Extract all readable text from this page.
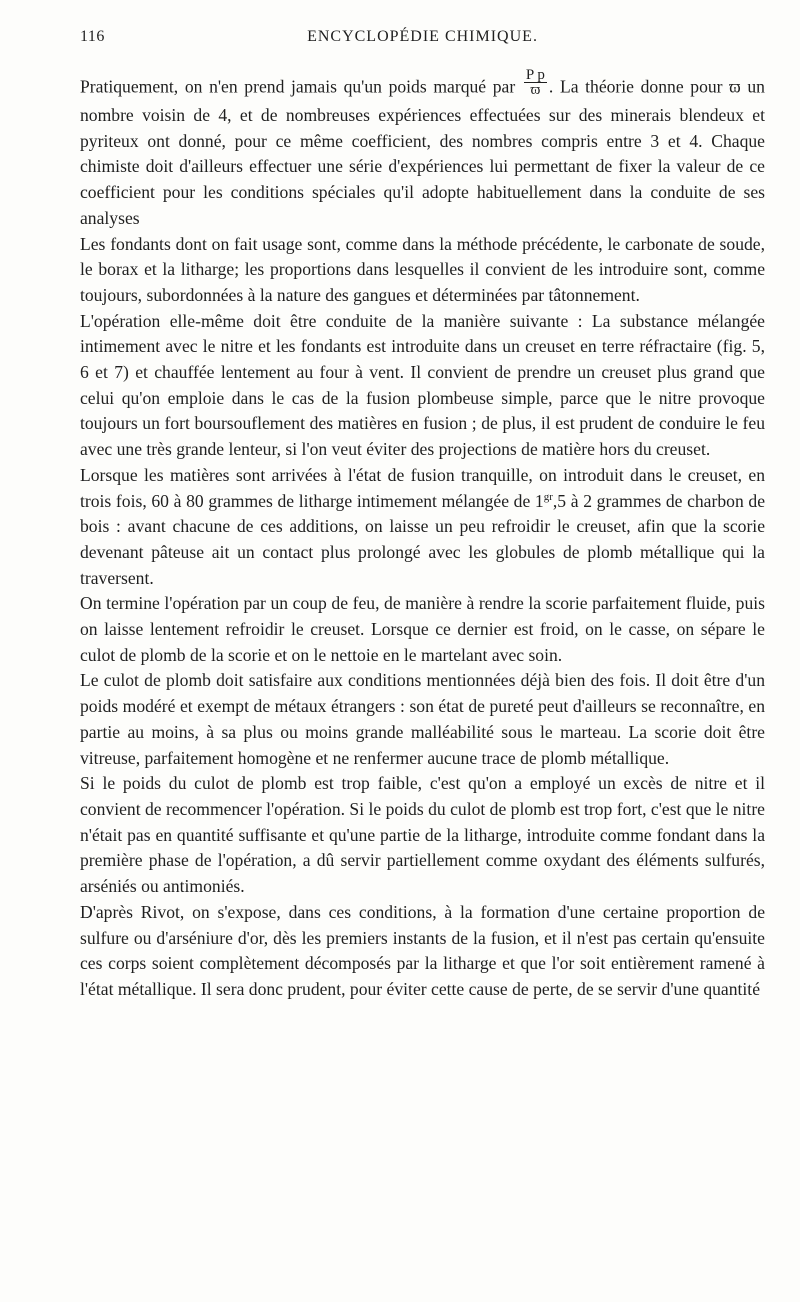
116	ENCYCLOPÉDIE CHIMIQUE.

Pratiquement, on n'en prend jamais qu'un poids marqué par $\frac{\text{P p}}{ϖ}$ . La théorie donne pour ϖ un nombre voisin de 4, et de nombreuses expériences effectuées sur des minerais blendeux et pyriteux ont donné, pour ce même coefficient, des nombres compris entre 3 et 4. Chaque chimiste doit d'ailleurs effectuer une série d'expériences lui permettant de fixer la valeur de ce coefficient pour les conditions spéciales qu'il adopte habituellement dans la conduite de ses analyses

Les fondants dont on fait usage sont, comme dans la méthode précédente, le carbonate de soude, le borax et la litharge; les proportions dans lesquelles il convient de les introduire sont, comme toujours, subordonnées à la nature des gangues et déterminées par tâtonnement.

L'opération elle-même doit être conduite de la manière suivante : La substance mélangée intimement avec le nitre et les fondants est introduite dans un creuset en terre réfractaire (fig. 5, 6 et 7) et chauffée lentement au four à vent. Il convient de prendre un creuset plus grand que celui qu'on emploie dans le cas de la fusion plombeuse simple, parce que le nitre provoque toujours un fort boursouflement des matières en fusion ; de plus, il est prudent de conduire le feu avec une très grande lenteur, si l'on veut éviter des projections de matière hors du creuset.

Lorsque les matières sont arrivées à l'état de fusion tranquille, on introduit dans le creuset, en trois fois, 60 à 80 grammes de litharge intimement mélangée de $1^{gr},5$ à 2 grammes de charbon de bois : avant chacune de ces additions, on laisse un peu refroidir le creuset, afin que la scorie devenant pâteuse ait un contact plus prolongé avec les globules de plomb métallique qui la traversent.

On termine l'opération par un coup de feu, de manière à rendre la scorie parfaitement fluide, puis on laisse lentement refroidir le creuset. Lorsque ce dernier est froid, on le casse, on sépare le culot de plomb de la scorie et on le nettoie en le martelant avec soin.

Le culot de plomb doit satisfaire aux conditions mentionnées déjà bien des fois. Il doit être d'un poids modéré et exempt de métaux étrangers : son état de pureté peut d'ailleurs se reconnaître, en partie au moins, à sa plus ou moins grande malléabilité sous le marteau. La scorie doit être vitreuse, parfaitement homogène et ne renfermer aucune trace de plomb métallique.

Si le poids du culot de plomb est trop faible, c'est qu'on a employé un excès de nitre et il convient de recommencer l'opération. Si le poids du culot de plomb est trop fort, c'est que le nitre n'était pas en quantité suffisante et qu'une partie de la litharge, introduite comme fondant dans la première phase de l'opération, a dû servir partiellement comme oxydant des éléments sulfurés, arséniés ou antimoniés.

D'après Rivot, on s'expose, dans ces conditions, à la formation d'une certaine proportion de sulfure ou d'arséniure d'or, dès les premiers instants de la fusion, et il n'est pas certain qu'ensuite ces corps soient complètement décomposés par la litharge et que l'or soit entièrement ramené à l'état métallique. Il sera donc prudent, pour éviter cette cause de perte, de se servir d'une quantité
